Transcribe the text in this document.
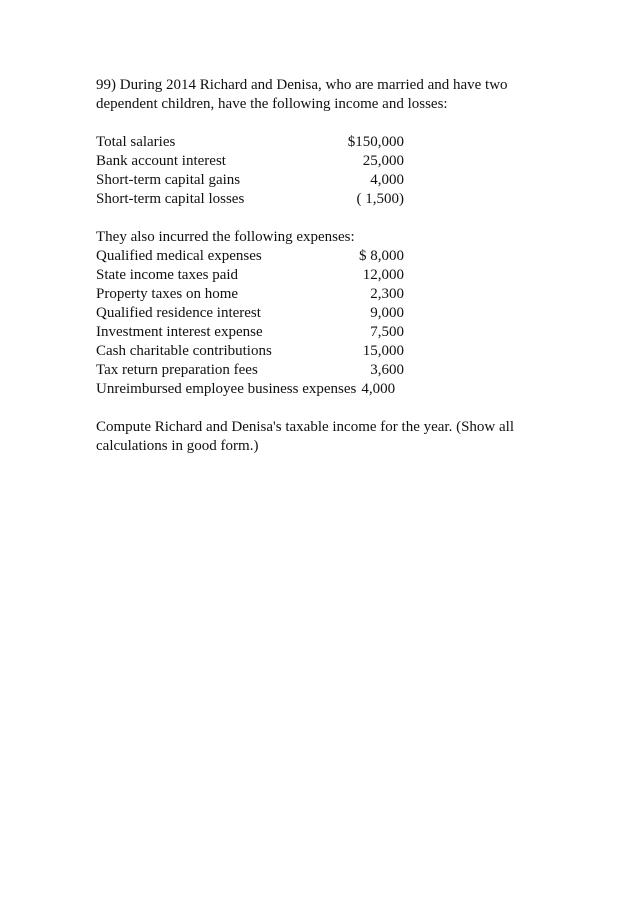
99) During 2014 Richard and Denisa, who are married and have two

dependent children, have the following income and losses:

Total salaries	$150,000
Bank account interest	25,000
Short-term capital gains	4,000
Short-term capital losses	( 1,500)

They also incurred the following expenses:

Qualified medical expenses	$ 8,000
State income taxes paid	12,000
Property taxes on home	2,300
Qualified residence interest	9,000
Investment interest expense	7,500
Cash charitable contributions	15,000
Tax return preparation fees	3,600
Unreimbursed employee business expenses 4,000

Compute Richard and Denisa's taxable income for the year. (Show all

calculations in good form.)
